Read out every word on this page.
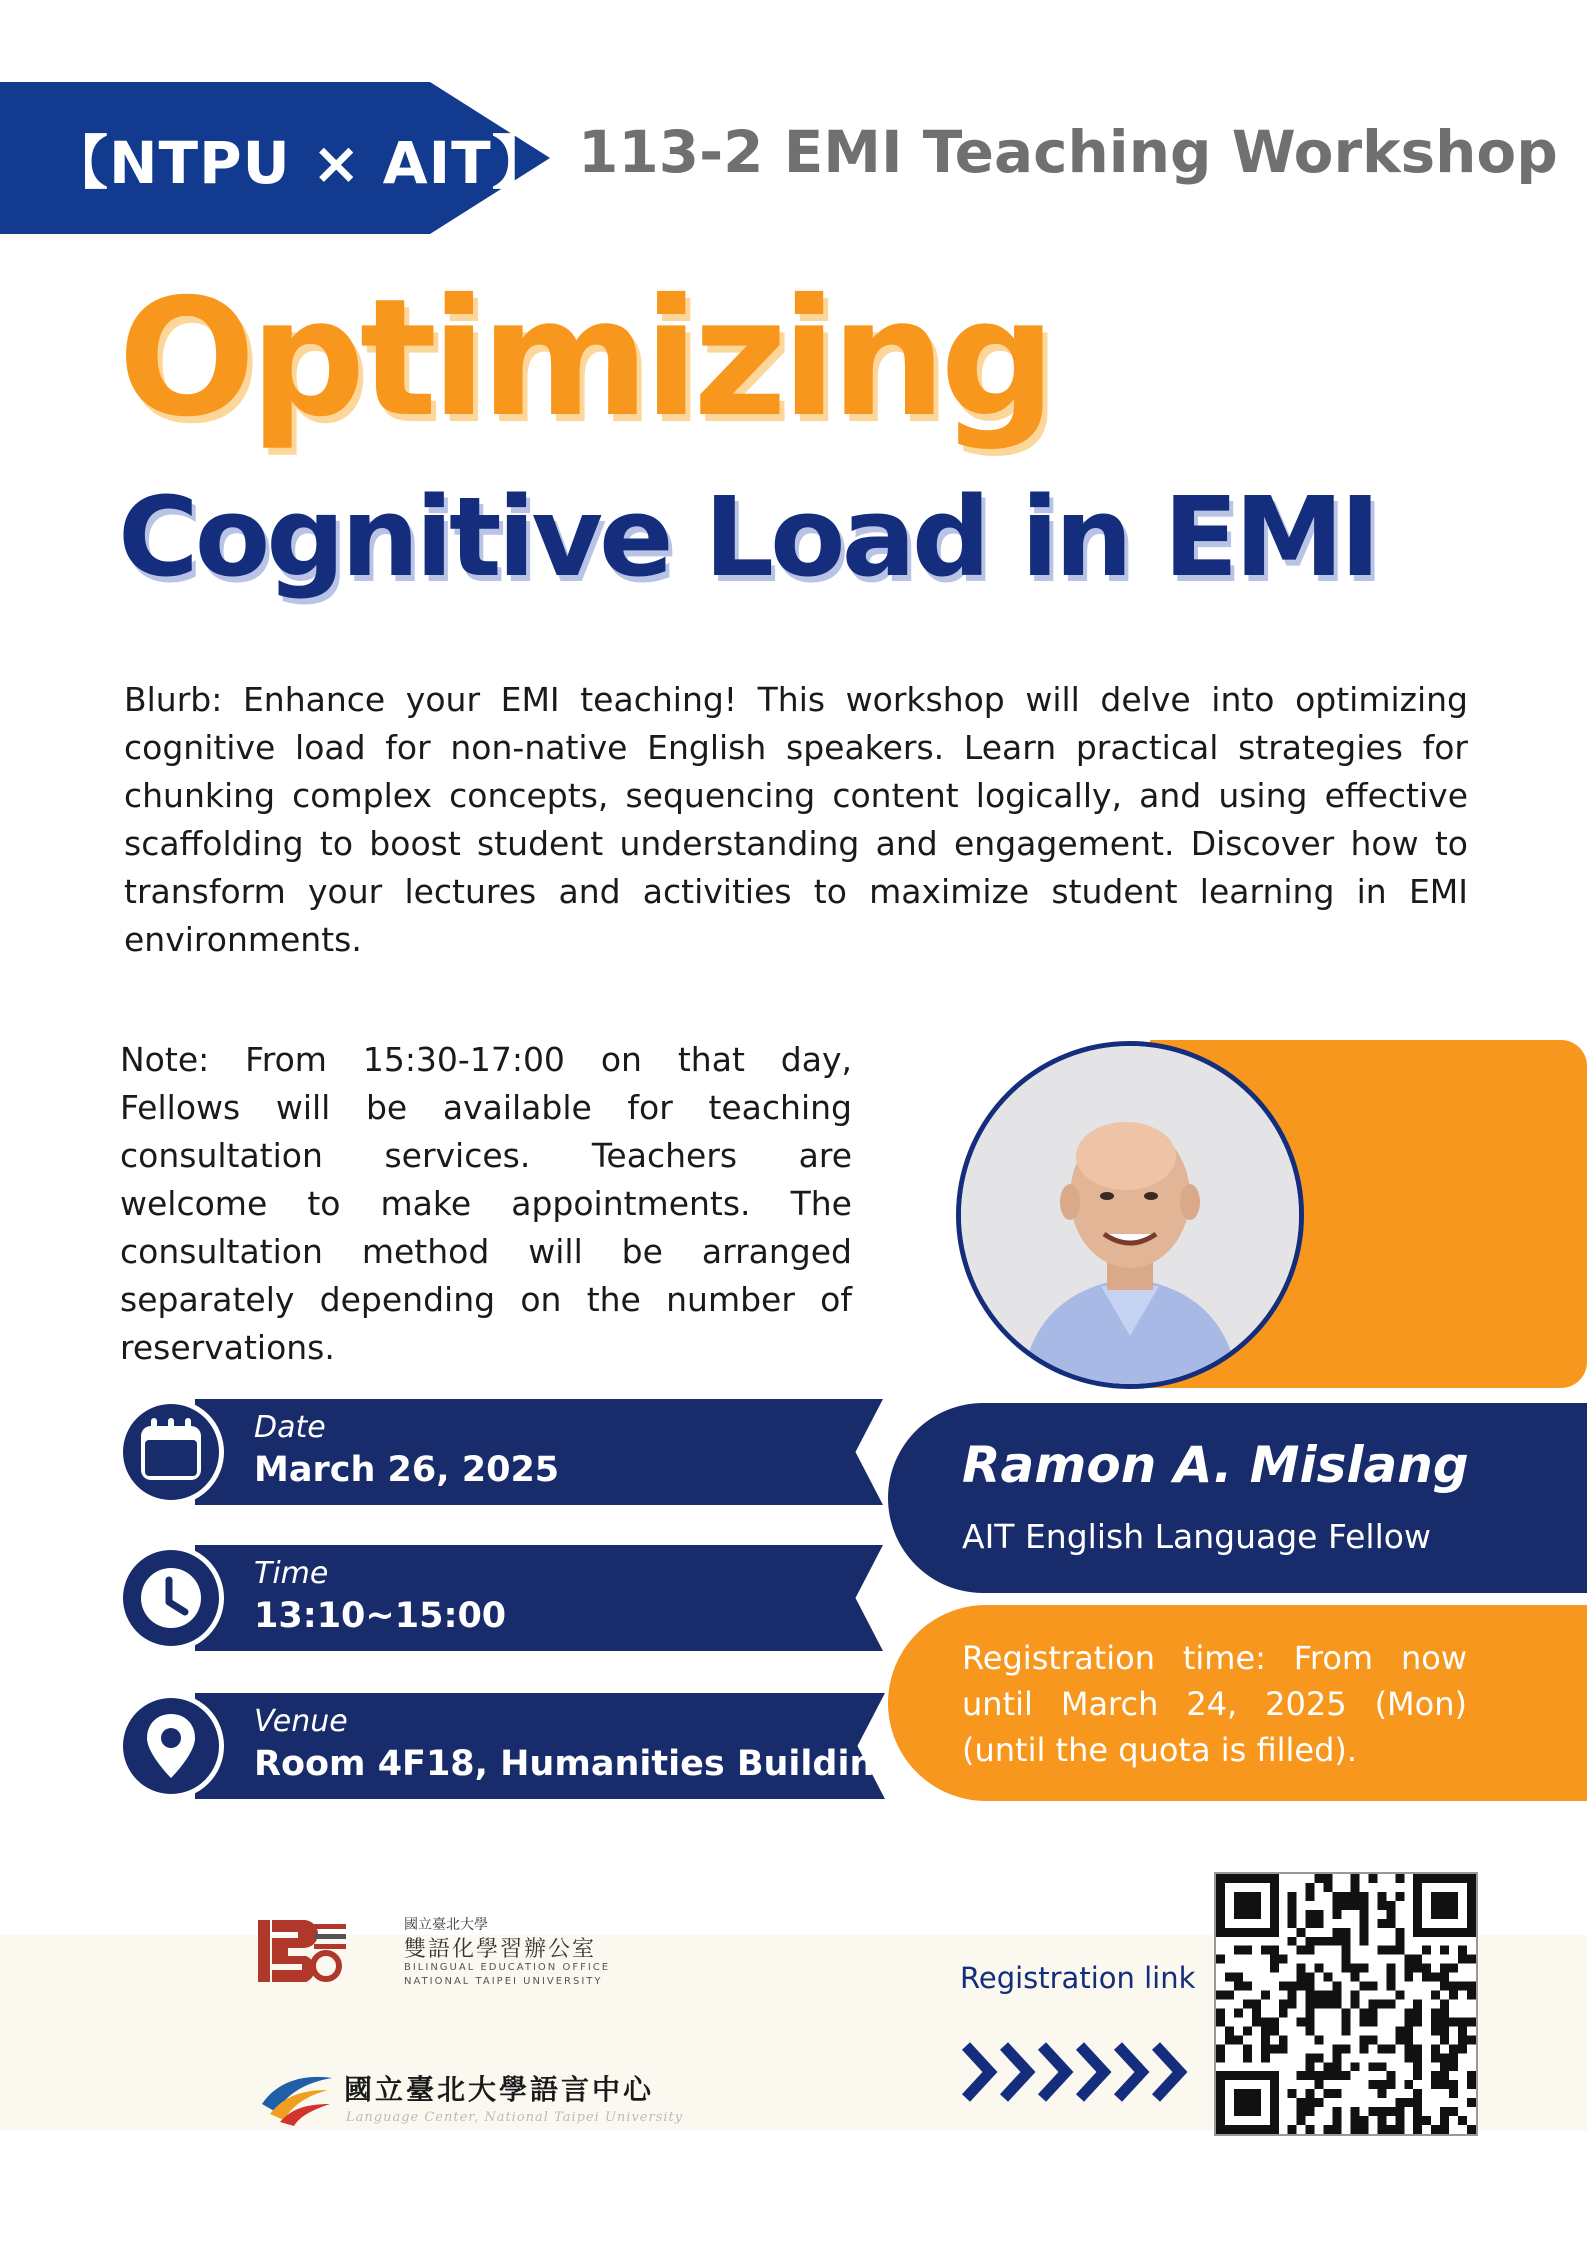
【NTPU × AIT】 113-2 EMI Teaching Workshop
Optimizing
Cognitive Load in EMI

Blurb: Enhance your EMI teaching! This workshop will delve into optimizing cognitive load for non-native English speakers. Learn practical strategies for chunking complex concepts, sequencing content logically, and using effective scaffolding to boost student understanding and engagement. Discover how to transform your lectures and activities to maximize student learning in EMI environments.

Note: From 15:30-17:00 on that day, Fellows will be available for teaching consultation services. Teachers are welcome to make appointments. The consultation method will be arranged separately depending on the number of reservations.

Date
March 26, 2025
Time
13:10~15:00
Venue
Room 4F18, Humanities Building
Ramon A. Mislang
AIT English Language Fellow

Registration time: From now until March 24, 2025 (Mon) (until the quota is filled).

國立臺北大學
雙語化學習辦公室
BILINGUAL EDUCATION OFFICE
NATIONAL TAIPEI UNIVERSITY
國立臺北大學語言中心
Language Center, National Taipei University
Registration link
